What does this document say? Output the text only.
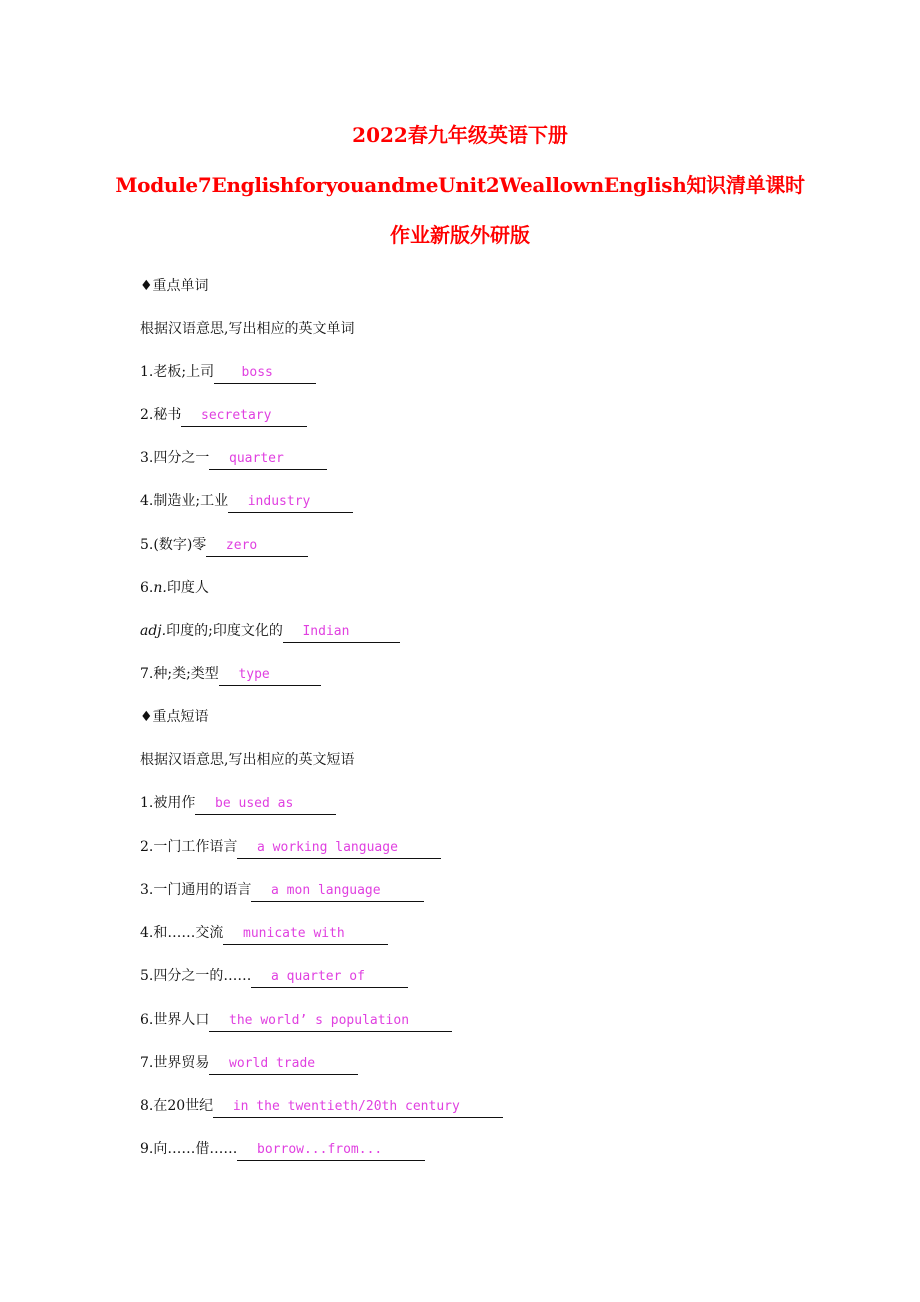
2022春九年级英语下册
Module7EnglishforyouandmeUnit2WeallownEnglish知识清单课时
作业新版外研版
♦重点单词
根据汉语意思,写出相应的英文单词
1.老板;上司   boss
2.秘书  secretary
3.四分之一  quarter
4.制造业;工业  industry
5.(数字)零  zero
6.n.印度人
adj.印度的;印度文化的  Indian
7.种;类;类型  type
♦重点短语
根据汉语意思,写出相应的英文短语
1.被用作  be used as
2.一门工作语言  a working language
3.一门通用的语言  a mon language
4.和……交流  municate with
5.四分之一的……  a quarter of
6.世界人口  the world’ s population
7.世界贸易  world trade
8.在20世纪  in the twentieth/20th century
9.向……借……  borrow...from...
